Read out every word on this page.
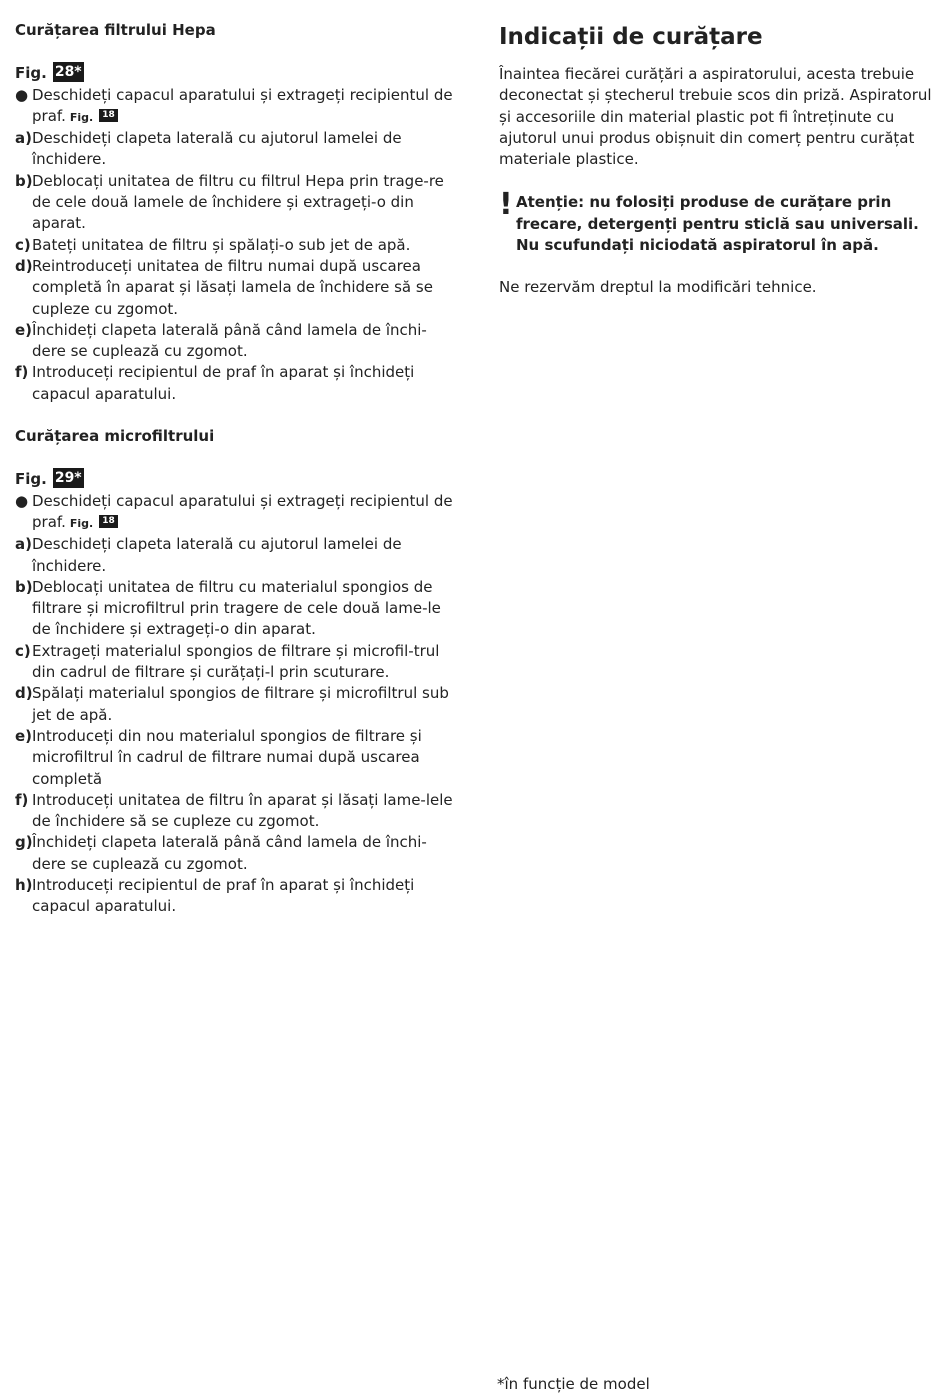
Curățarea filtrului Hepa
Fig. 28*
● Deschideți capacul aparatului și extrageți recipientul de praf. Fig. 18
a) Deschideți clapeta laterală cu ajutorul lamelei de închidere.
b) Deblocați unitatea de filtru cu filtrul Hepa prin trage-re de cele două lamele de închidere și extrageți-o din aparat.
c) Bateți unitatea de filtru și spălați-o sub jet de apă.
d) Reintroduceți unitatea de filtru numai după uscarea completă în aparat și lăsați lamela de închidere să se cupleze cu zgomot.
e) Închideți clapeta laterală până când lamela de închi-dere se cuplează cu zgomot.
f) Introduceți recipientul de praf în aparat și închideți capacul aparatului.
Curățarea microfiltrului
Fig. 29*
● Deschideți capacul aparatului și extrageți recipientul de praf. Fig. 18
a) Deschideți clapeta laterală cu ajutorul lamelei de închidere.
b) Deblocați unitatea de filtru cu materialul spongios de filtrare și microfiltrul prin tragere de cele două lame-le de închidere și extrageți-o din aparat.
c) Extrageți materialul spongios de filtrare și microfil-trul din cadrul de filtrare și curățați-l prin scuturare.
d) Spălați materialul spongios de filtrare și microfiltrul sub jet de apă.
e) Introduceți din nou materialul spongios de filtrare și microfiltrul în cadrul de filtrare numai după uscarea completă
f) Introduceți unitatea de filtru în aparat și lăsați lame-lele de închidere să se cupleze cu zgomot.
g) Închideți clapeta laterală până când lamela de închi-dere se cuplează cu zgomot.
h) Introduceți recipientul de praf în aparat și închideți capacul aparatului.
Indicații de curățare
Înaintea fiecărei curățări a aspiratorului, acesta trebuie deconectat și ștecherul trebuie scos din priză. Aspiratorul și accesoriile din material plastic pot fi întreținute cu ajutorul unui produs obișnuit din comerț pentru curățat materiale plastice.
! Atenție: nu folosiți produse de curățare prin frecare, detergenți pentru sticlă sau universali. Nu scufundați niciodată aspiratorul în apă.
Ne rezervăm dreptul la modificări tehnice.
*în funcție de model
